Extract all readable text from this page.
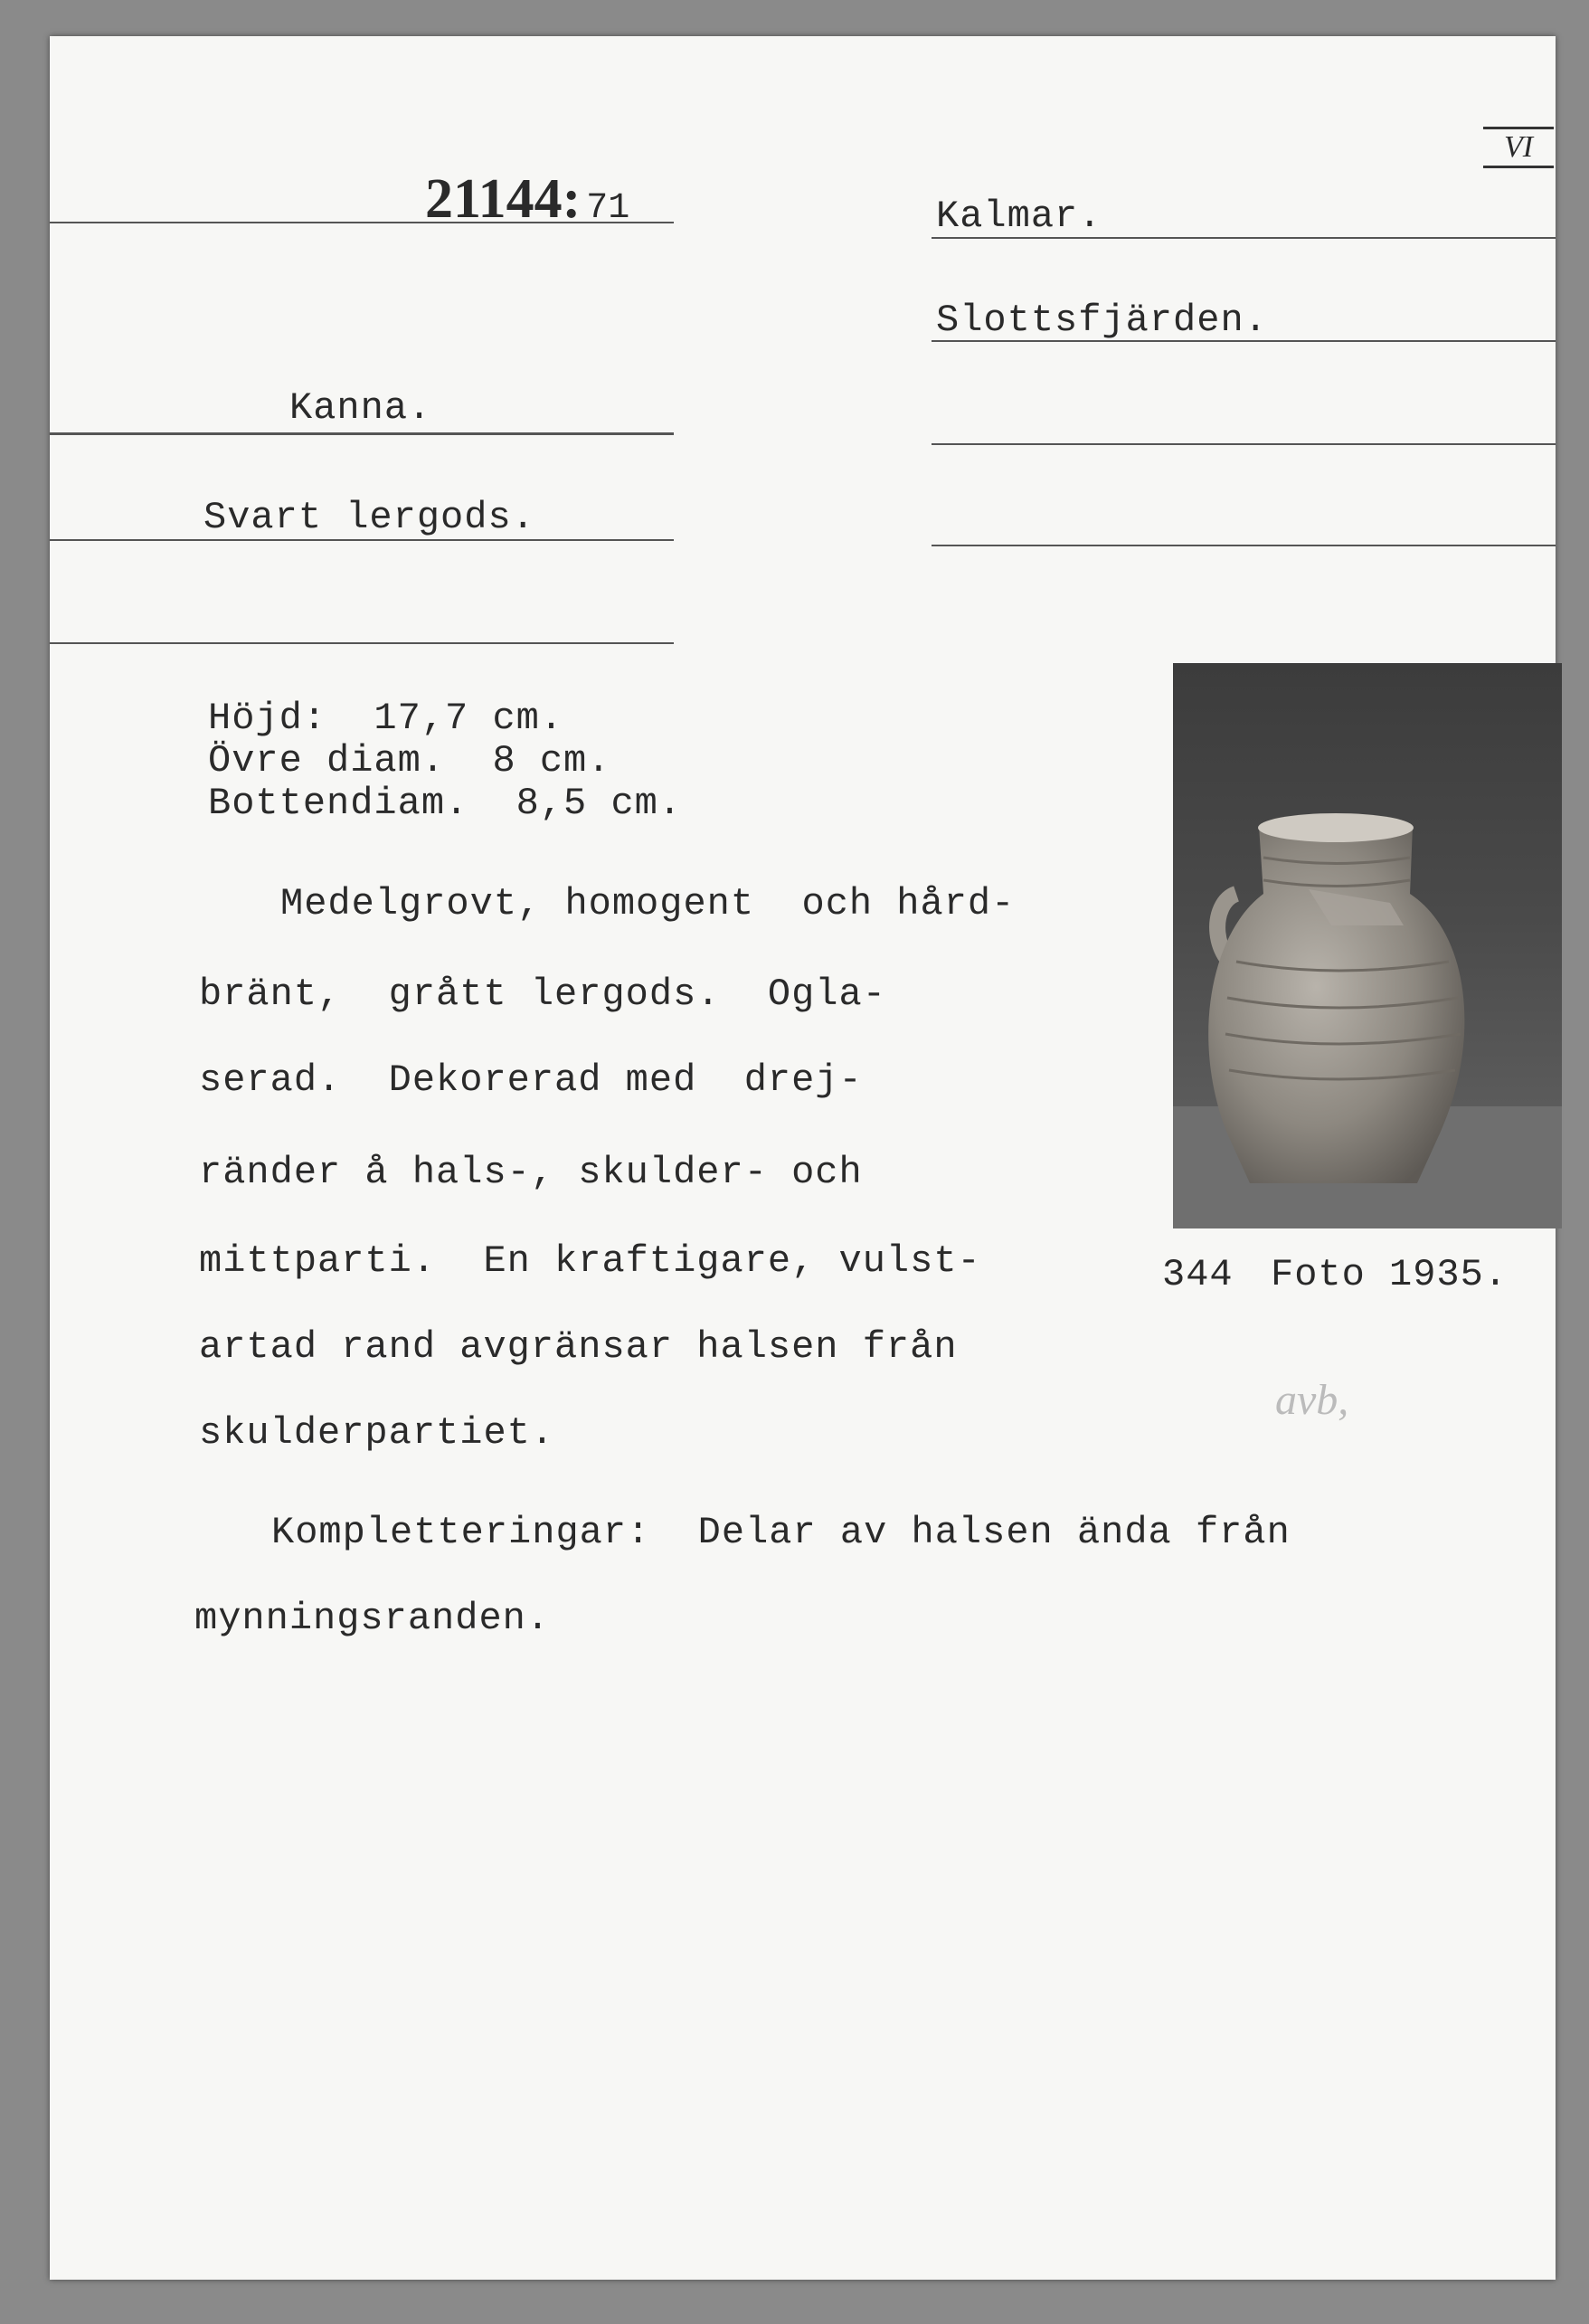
21144: 71
VI
Kalmar.
Slottsfjärden.
Kanna.
Svart lergods.
Höjd:  17,7 cm.
Övre diam.  8 cm.
Bottendiam.  8,5 cm.
Medelgrovt, homogent  och hård-
bränt,  grått lergods.  Ogla-
serad.  Dekorerad med  drej-
ränder å hals-, skulder- och
mittparti.  En kraftigare, vulst-
artad rand avgränsar halsen från
skulderpartiet.
Kompletteringar:  Delar av halsen ända från
mynningsranden.
344 Foto 1935.
avb,
